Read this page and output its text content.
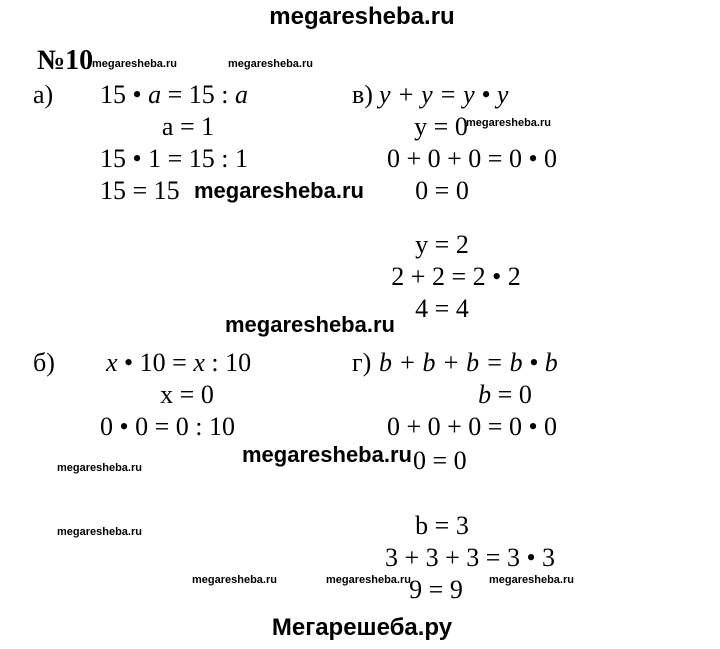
megaresheba.ru
№10
megaresheba.ru	megaresheba.ru
а) 15 • a = 15 : a
a = 1
15 • 1 = 15 : 1
15 = 15 megaresheba.ru
в) y + y = y • y
y = 0
megaresheba.ru
0 + 0 + 0 = 0 • 0
0 = 0
y = 2
2 + 2 = 2 • 2
4 = 4
megaresheba.ru
б) x • 10 = x : 10
x = 0
0 • 0 = 0 : 10
г) b + b + b = b • b
b = 0
0 + 0 + 0 = 0 • 0
megaresheba.ru 0 = 0
megaresheba.ru
megaresheba.ru	b = 3
3 + 3 + 3 = 3 • 3
9 = 9
megaresheba.ru	megaresheba.ru	megaresheba.ru
Мегарешеба.ру
